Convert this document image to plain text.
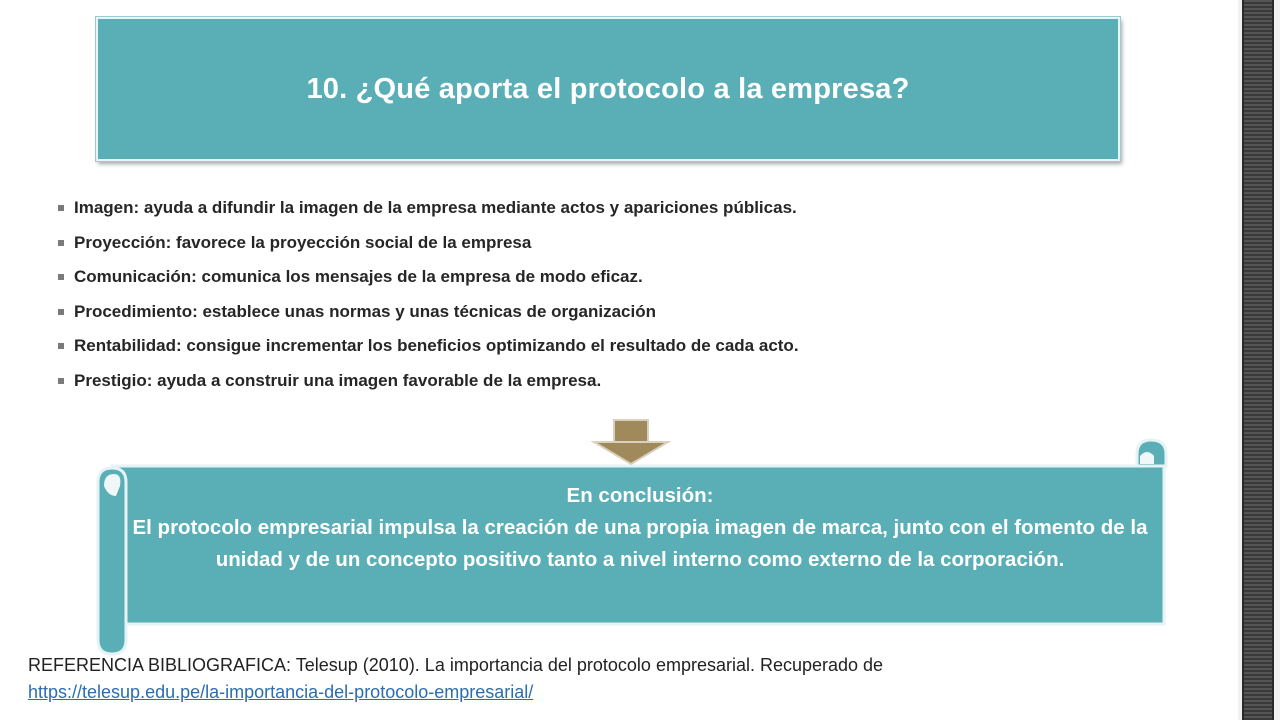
10. ¿Qué aporta el protocolo a la empresa?
Imagen: ayuda a difundir la imagen de la empresa mediante actos y apariciones públicas.
Proyección: favorece la proyección social de la empresa
Comunicación: comunica los mensajes de la empresa de modo eficaz.
Procedimiento: establece unas normas y unas técnicas de organización
Rentabilidad: consigue incrementar los beneficios optimizando el resultado de cada acto.
Prestigio: ayuda a construir una imagen favorable de la empresa.
En conclusión:
El protocolo empresarial impulsa la creación de una propia imagen de marca, junto con el fomento de la unidad y de un concepto positivo tanto a nivel interno como externo de la corporación.
REFERENCIA BIBLIOGRAFICA: Telesup (2010). La importancia del protocolo empresarial. Recuperado de
https://telesup.edu.pe/la-importancia-del-protocolo-empresarial/
